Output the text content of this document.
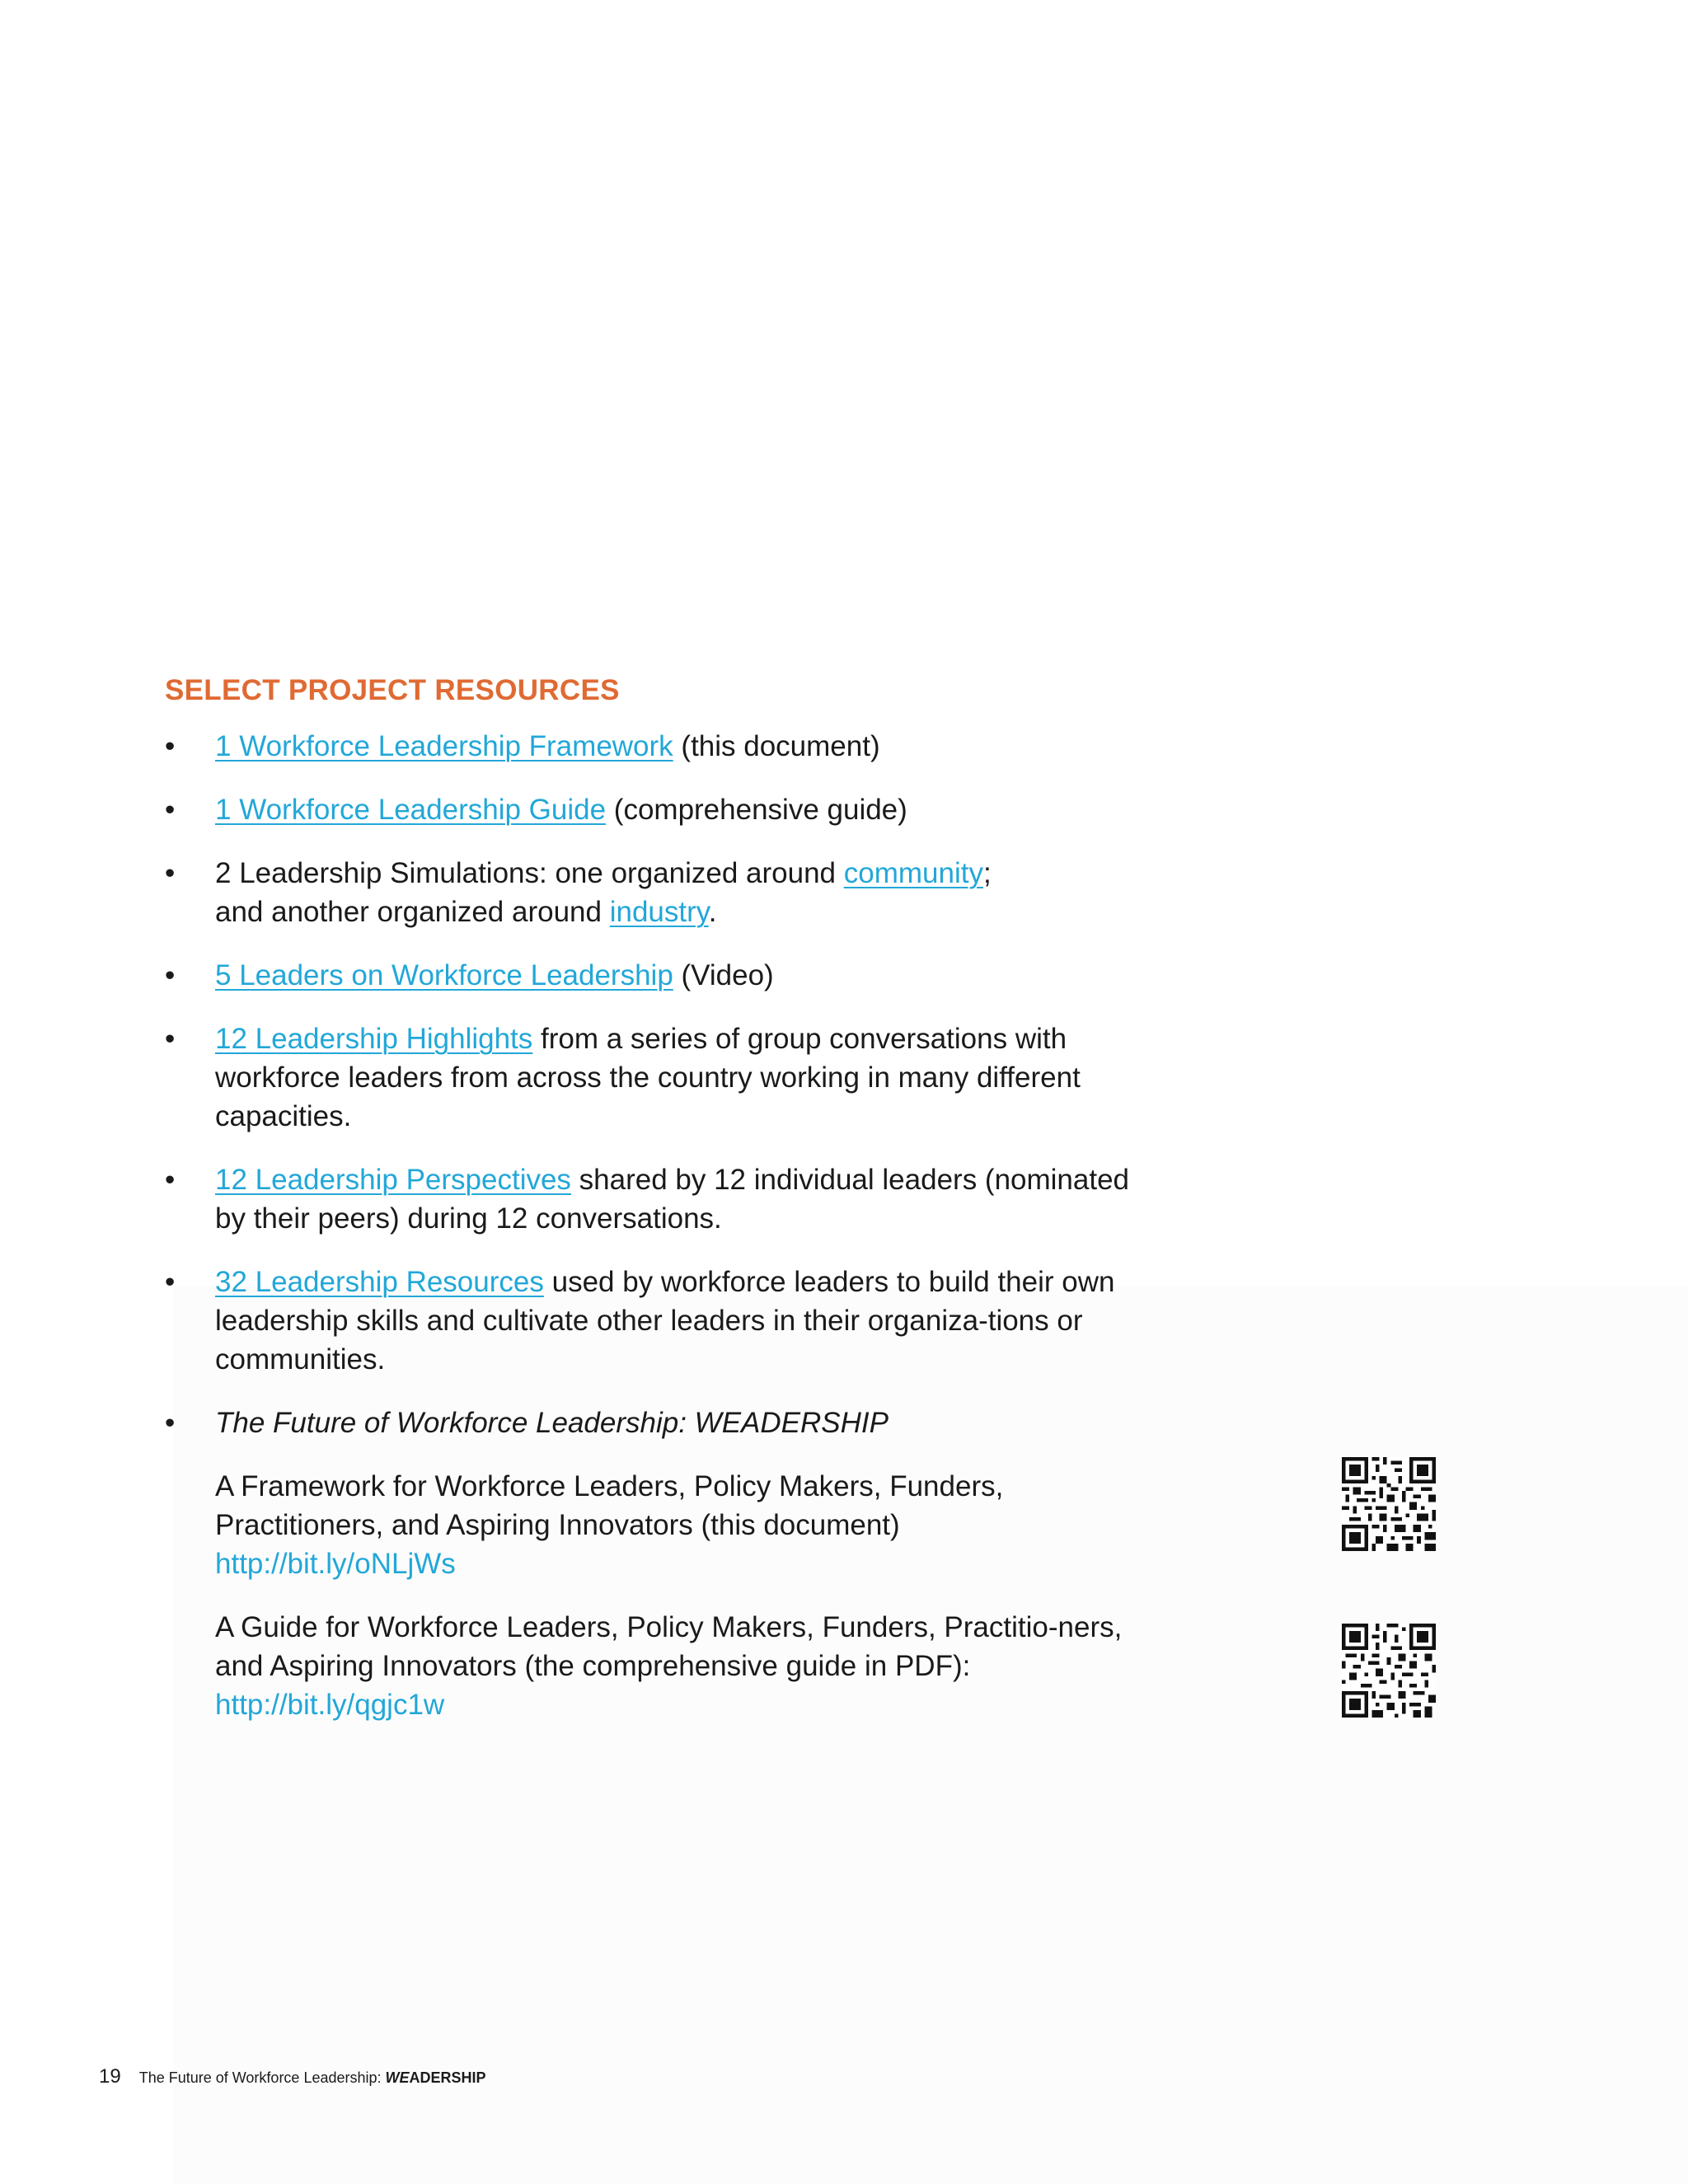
SELECT PROJECT RESOURCES
• 1 Workforce Leadership Framework (this document)
• 1 Workforce Leadership Guide (comprehensive guide)
• 2 Leadership Simulations: one organized around community;
and another organized around industry.
• 5 Leaders on Workforce Leadership (Video)
• 12 Leadership Highlights from a series of group conversations with workforce leaders from across the country working in many different capacities.
• 12 Leadership Perspectives shared by 12 individual leaders (nominated by their peers) during 12 conversations.
• 32 Leadership Resources used by workforce leaders to build their own leadership skills and cultivate other leaders in their organiza-tions or communities.
• The Future of Workforce Leadership: WEADERSHIP
A Framework for Workforce Leaders, Policy Makers, Funders, Practitioners, and Aspiring Innovators (this document)
http://bit.ly/oNLjWs
A Guide for Workforce Leaders, Policy Makers, Funders, Practitio-ners, and Aspiring Innovators (the comprehensive guide in PDF):
http://bit.ly/qgjc1w
19 The Future of Workforce Leadership: WEADERSHIP
